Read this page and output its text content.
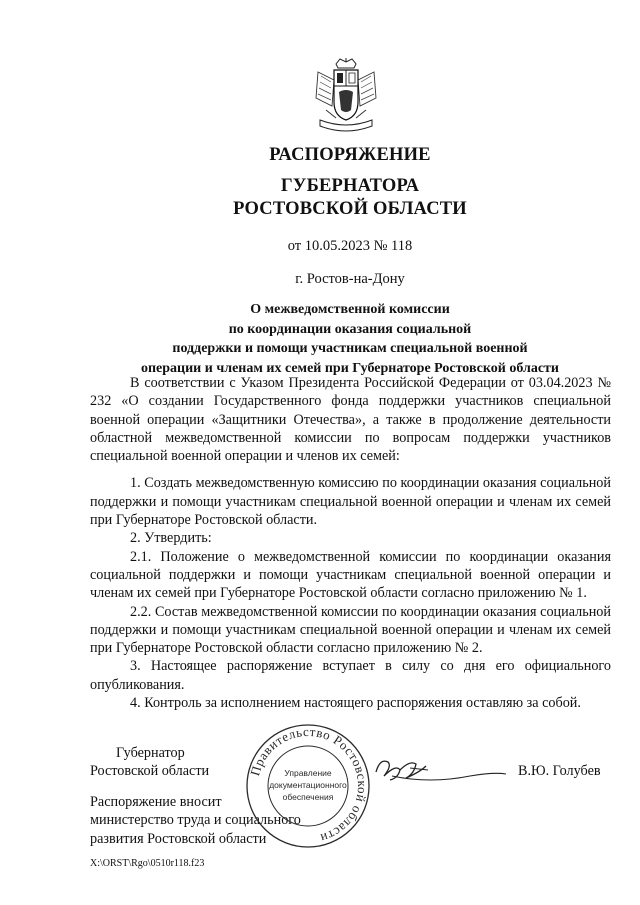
РАСПОРЯЖЕНИЕ
ГУБЕРНАТОРА
РОСТОВСКОЙ ОБЛАСТИ
от 10.05.2023 № 118
г. Ростов-на-Дону
О межведомственной комиссии
по координации оказания социальной
поддержки и помощи участникам специальной военной
операции и членам их семей при Губернаторе Ростовской области

В соответствии с Указом Президента Российской Федерации от 03.04.2023 № 232 «О создании Государственного фонда поддержки участников специальной военной операции «Защитники Отечества», а также в продолжение деятельности областной межведомственной комиссии по вопросам поддержки участников специальной военной операции и членов их семей:

1. Создать межведомственную комиссию по координации оказания социальной поддержки и помощи участникам специальной военной операции и членам их семей при Губернаторе Ростовской области.

2. Утвердить:

2.1. Положение о межведомственной комиссии по координации оказания социальной поддержки и помощи участникам специальной военной операции и членам их семей при Губернаторе Ростовской области согласно приложению № 1.

2.2. Состав межведомственной комиссии по координации оказания социальной поддержки и помощи участникам специальной военной операции и членам их семей при Губернаторе Ростовской области согласно приложению № 2.

3. Настоящее распоряжение вступает в силу со дня его официального опубликования.

4. Контроль за исполнением настоящего распоряжения оставляю за собой.

Губернатор
Ростовской области	В.Ю. Голубев
Распоряжение вносит
министерство труда и социального
развития Ростовской области
Правительство Ростовской области
Управление
документационного
обеспечения
X:\ORST\Rgo\0510r118.f23
